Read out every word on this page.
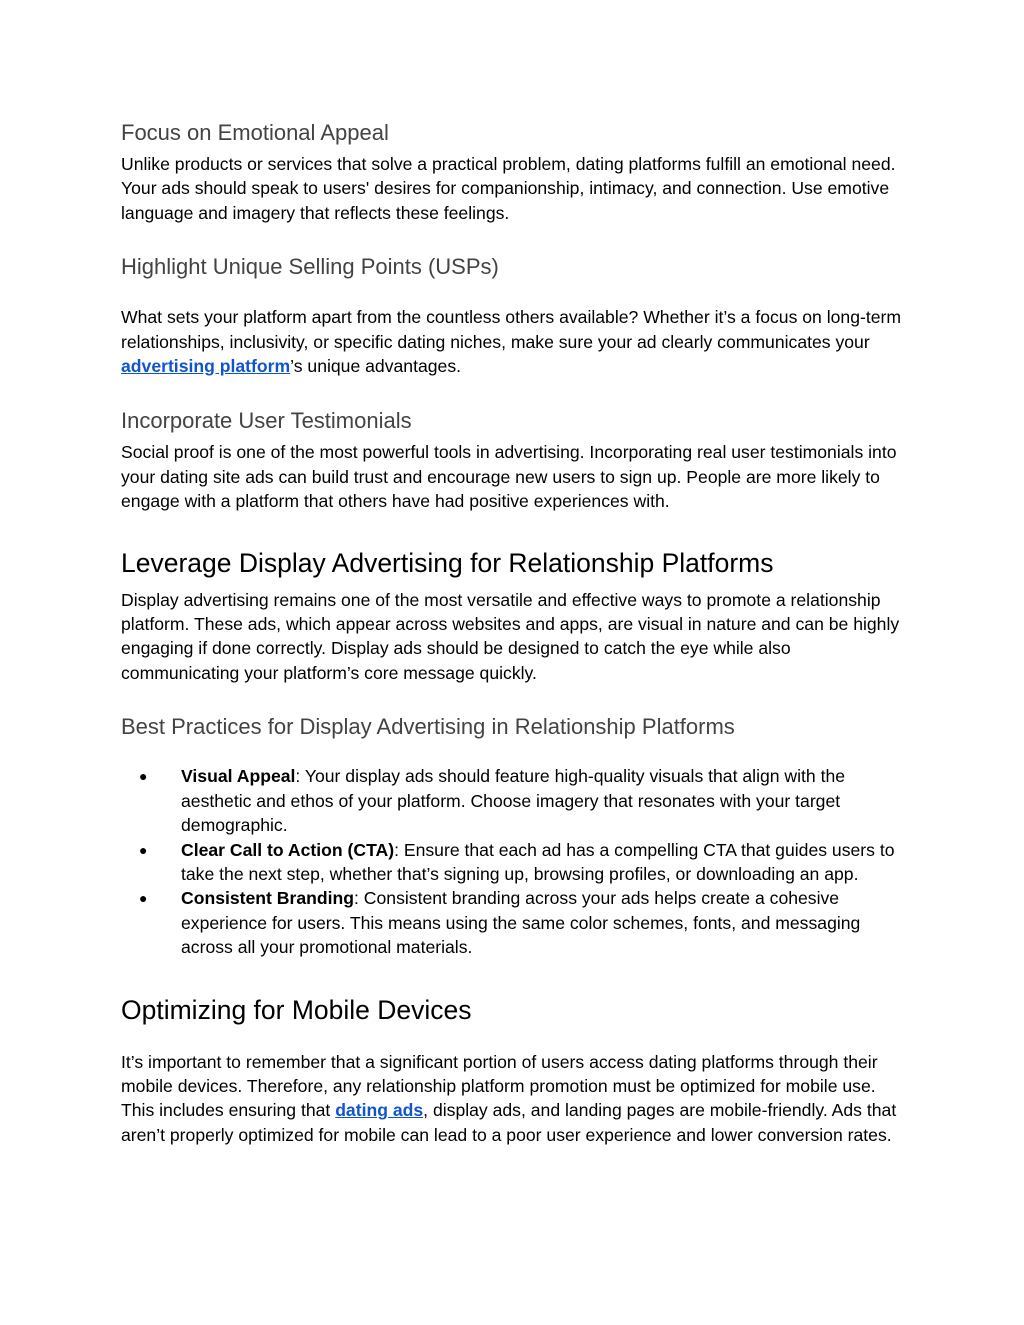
Focus on Emotional Appeal

Unlike products or services that solve a practical problem, dating platforms fulfill an emotional need. Your ads should speak to users' desires for companionship, intimacy, and connection. Use emotive language and imagery that reflects these feelings.

Highlight Unique Selling Points (USPs)

What sets your platform apart from the countless others available? Whether it’s a focus on long-term relationships, inclusivity, or specific dating niches, make sure your ad clearly communicates your advertising platform’s unique advantages.

Incorporate User Testimonials

Social proof is one of the most powerful tools in advertising. Incorporating real user testimonials into your dating site ads can build trust and encourage new users to sign up. People are more likely to engage with a platform that others have had positive experiences with.

Leverage Display Advertising for Relationship Platforms

Display advertising remains one of the most versatile and effective ways to promote a relationship platform. These ads, which appear across websites and apps, are visual in nature and can be highly engaging if done correctly. Display ads should be designed to catch the eye while also communicating your platform’s core message quickly.

Best Practices for Display Advertising in Relationship Platforms
● Visual Appeal: Your display ads should feature high-quality visuals that align with the aesthetic and ethos of your platform. Choose imagery that resonates with your target demographic.
● Clear Call to Action (CTA): Ensure that each ad has a compelling CTA that guides users to take the next step, whether that’s signing up, browsing profiles, or downloading an app.
● Consistent Branding: Consistent branding across your ads helps create a cohesive experience for users. This means using the same color schemes, fonts, and messaging across all your promotional materials.
Optimizing for Mobile Devices

It’s important to remember that a significant portion of users access dating platforms through their mobile devices. Therefore, any relationship platform promotion must be optimized for mobile use. This includes ensuring that dating ads, display ads, and landing pages are mobile-friendly. Ads that aren’t properly optimized for mobile can lead to a poor user experience and lower conversion rates.
